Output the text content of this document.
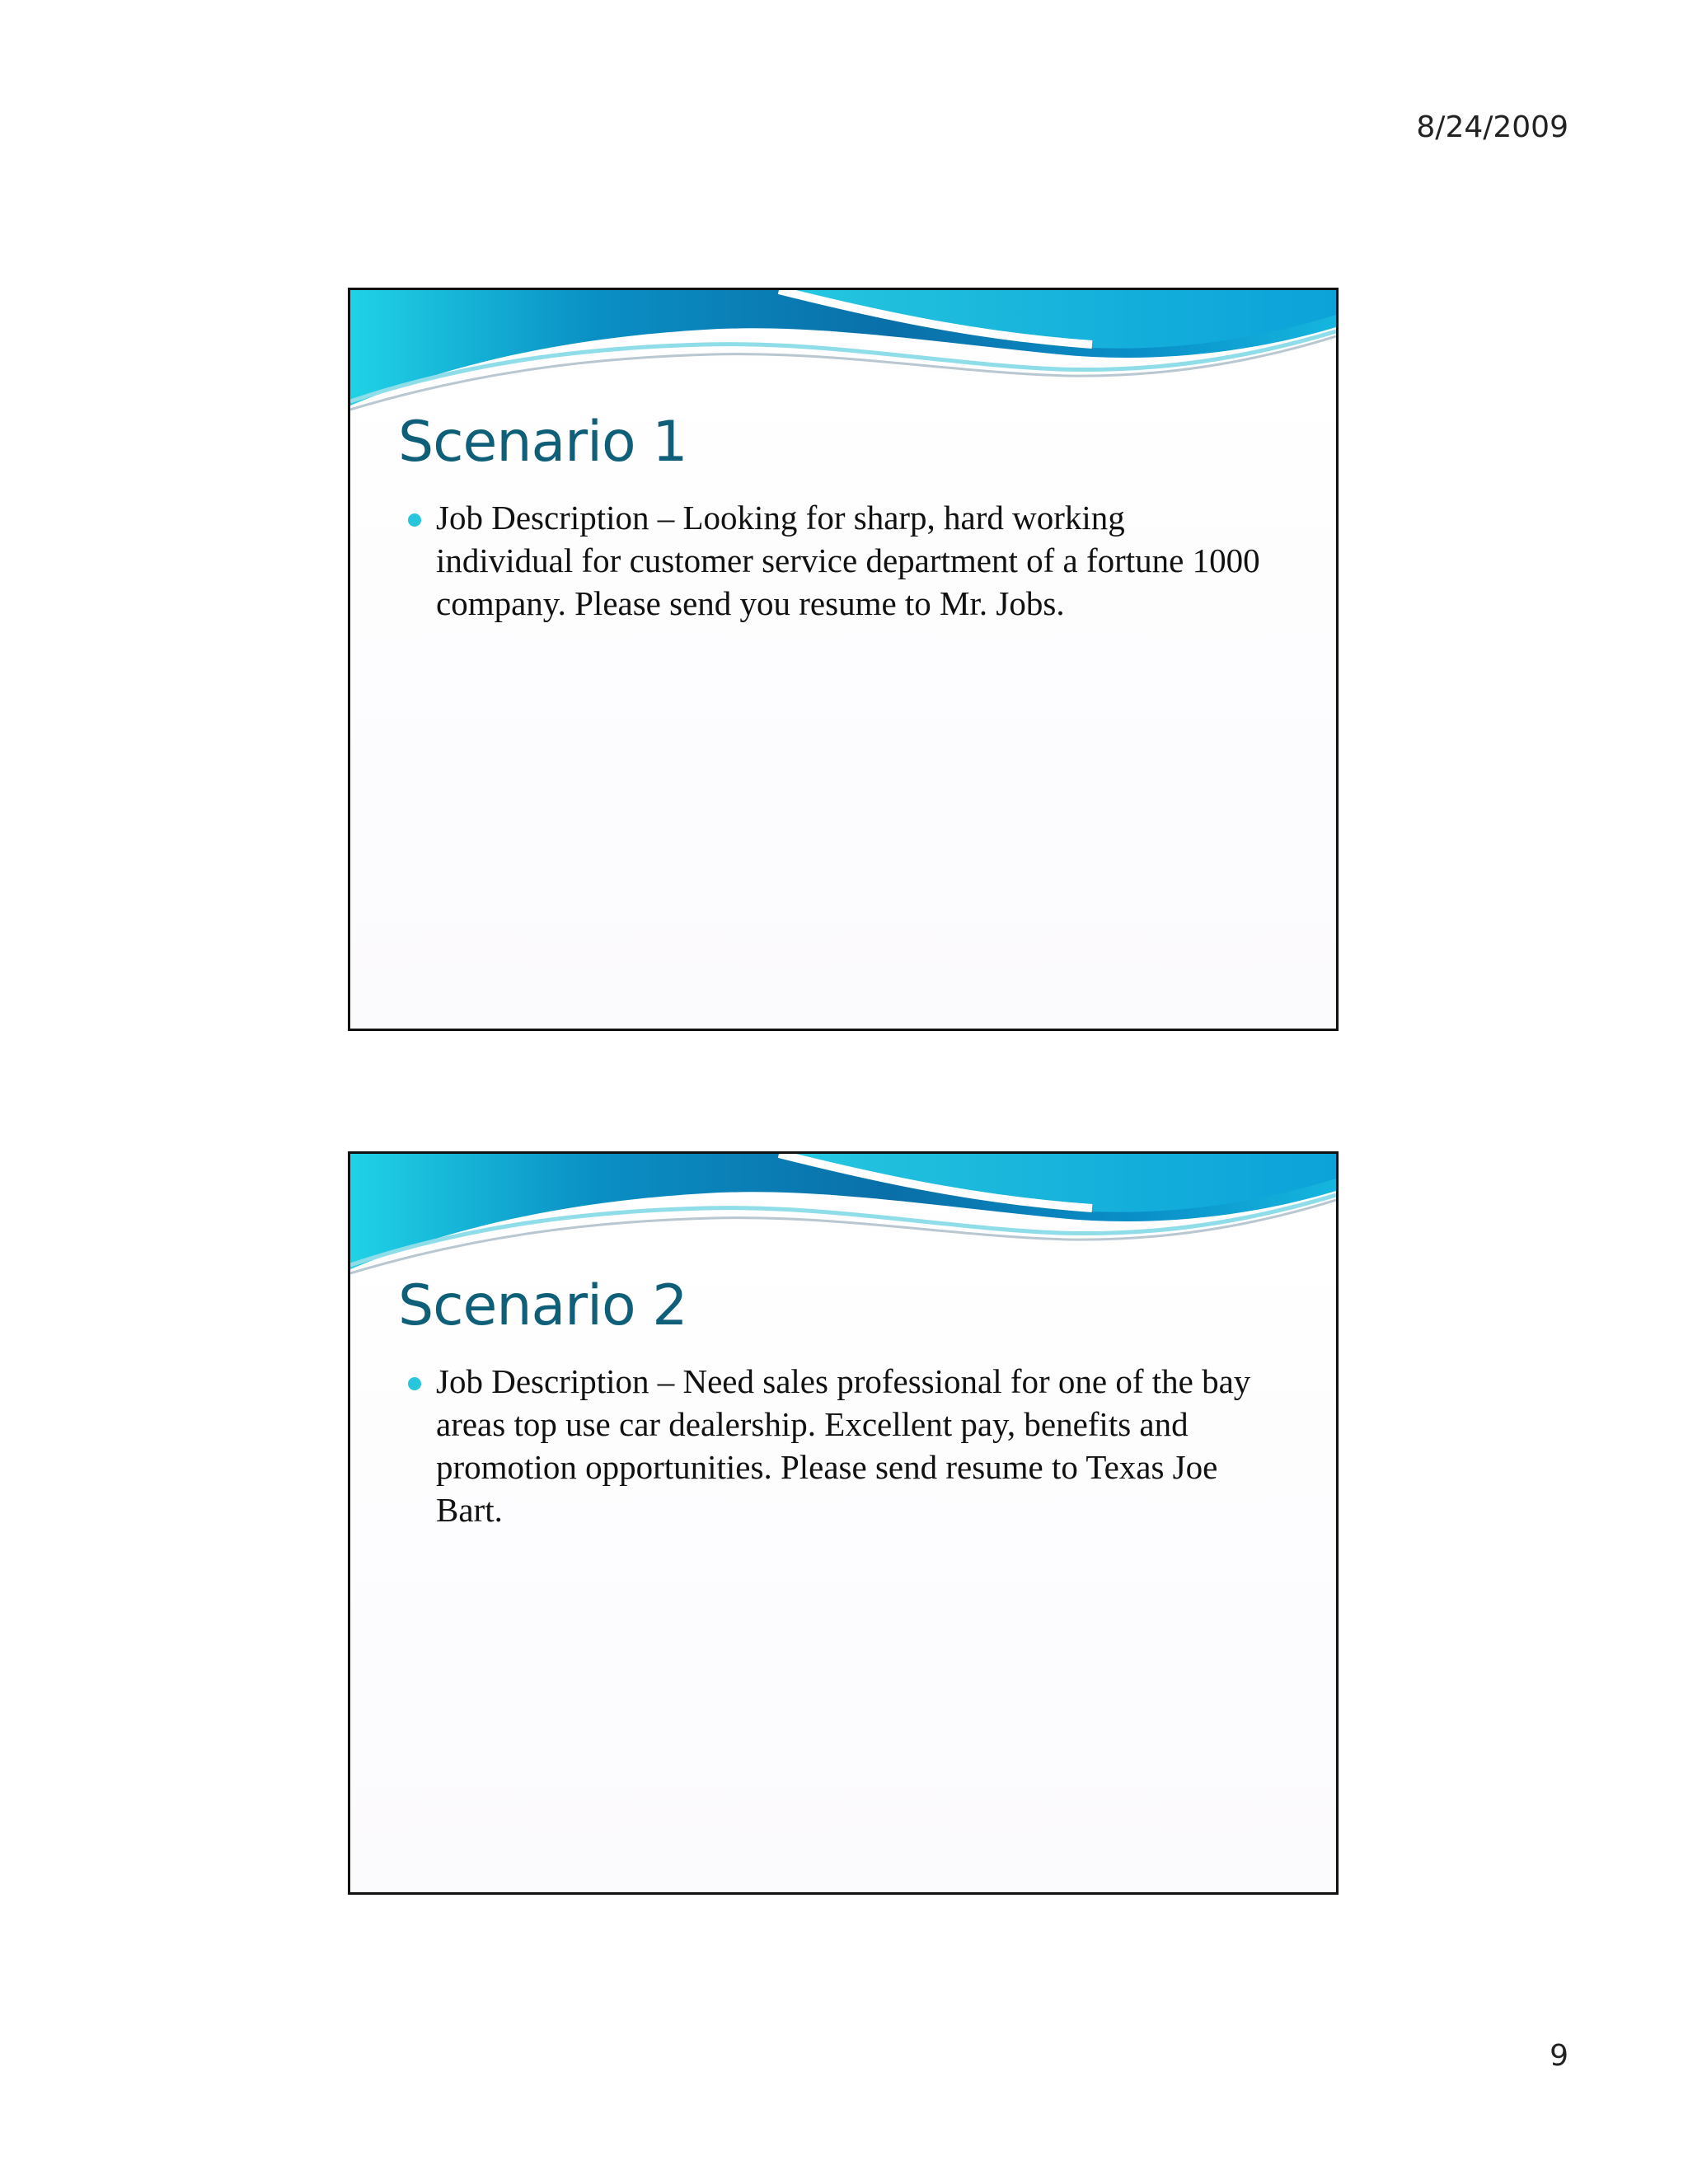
8/24/2009
Scenario 1
Job Description – Looking for sharp, hard working individual for customer service department of a fortune 1000 company. Please send you resume to Mr. Jobs.
Scenario 2
Job Description – Need sales professional for one of the bay areas top use car dealership. Excellent pay, benefits and promotion opportunities. Please send resume to Texas Joe Bart.
9
